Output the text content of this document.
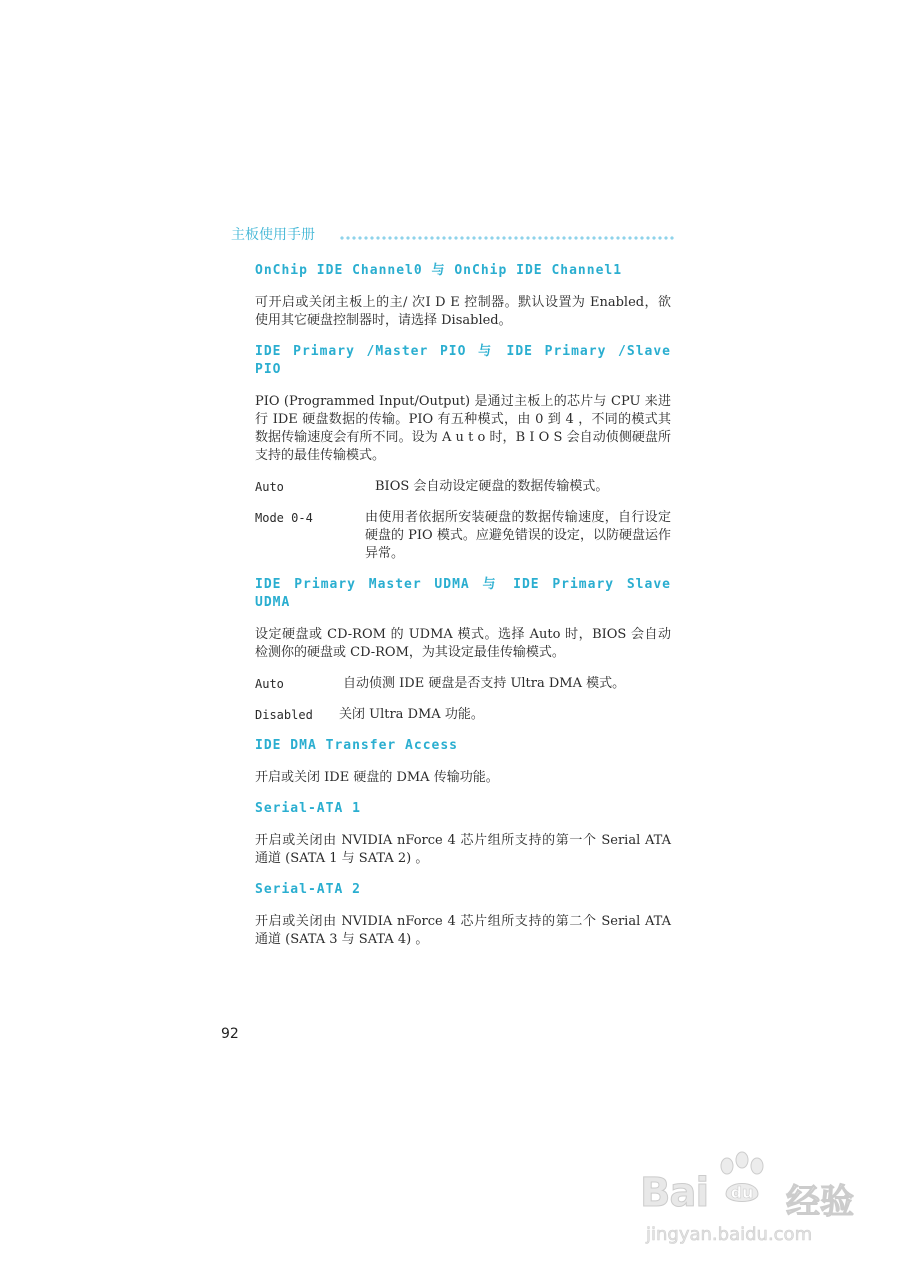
主板使用手册

OnChip IDE Channel0 与 OnChip IDE Channel1

可开启或关闭主板上的主/ 次I D E 控制器。默认设置为 Enabled，欲使用其它硬盘控制器时，请选择 Disabled。

IDE Primary /Master PIO 与 IDE Primary /Slave PIO

PIO (Programmed Input/Output) 是通过主板上的芯片与 CPU 来进行 IDE 硬盘数据的传输。PIO 有五种模式，由 0 到 4 ，不同的模式其数据传输速度会有所不同。设为 A u t o 时，B I O S 会自动侦侧硬盘所支持的最佳传输模式。

Auto	BIOS 会自动设定硬盘的数据传输模式。
Mode 0-4	由使用者依据所安装硬盘的数据传输速度，自行设定硬盘的 PIO 模式。应避免错误的设定，以防硬盘运作异常。

IDE Primary Master UDMA 与 IDE Primary Slave UDMA

设定硬盘或 CD-ROM 的 UDMA 模式。选择 Auto 时，BIOS 会自动检测你的硬盘或 CD-ROM，为其设定最佳传输模式。

Auto	自动侦测 IDE 硬盘是否支持 Ultra DMA 模式。
Disabled	关闭 Ultra DMA 功能。

IDE DMA Transfer Access

开启或关闭 IDE 硬盘的 DMA 传输功能。

Serial-ATA 1

开启或关闭由 NVIDIA nForce 4 芯片组所支持的第一个 Serial ATA 通道 (SATA 1 与 SATA 2) 。

Serial-ATA 2

开启或关闭由 NVIDIA nForce 4 芯片组所支持的第二个 Serial ATA 通道 (SATA 3 与 SATA 4) 。

92
Bai du 经验
jingyan.baidu.com
